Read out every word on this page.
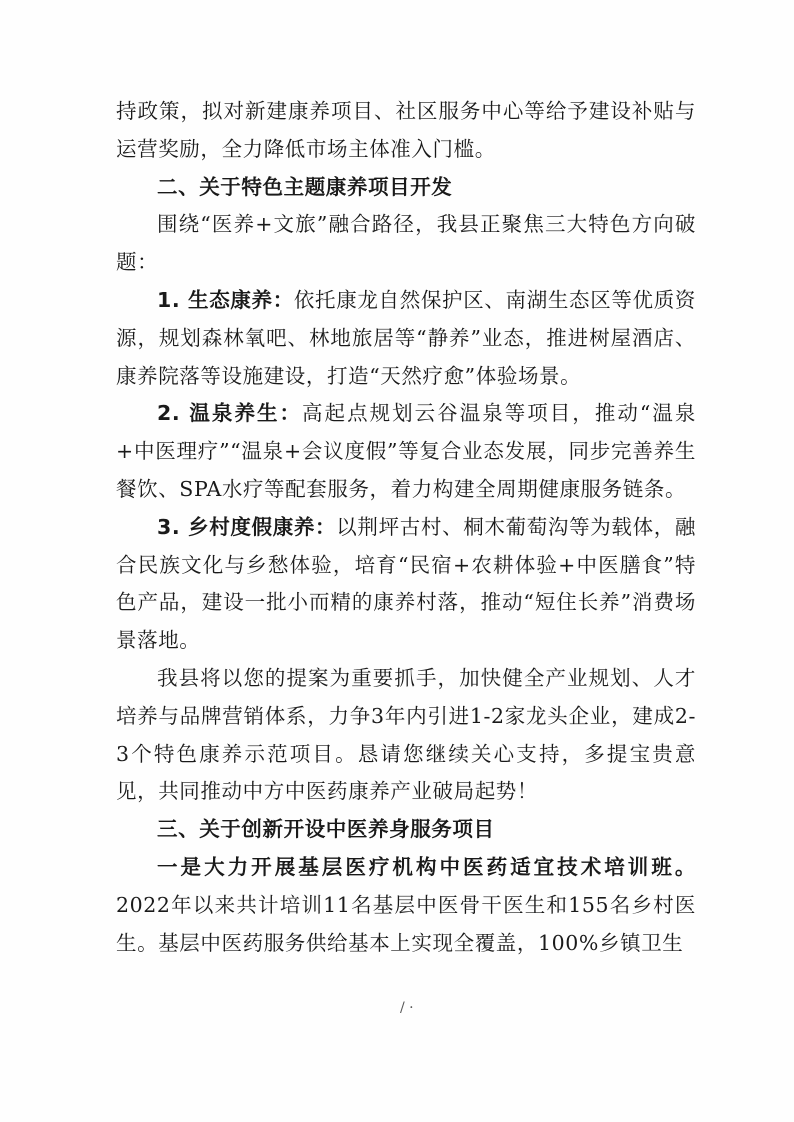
持政策，拟对新建康养项目、社区服务中心等给予建设补贴与运营奖励，全力降低市场主体准入门槛。

二、关于特色主题康养项目开发

围绕“医养+文旅”融合路径，我县正聚焦三大特色方向破题：

1. 生态康养：依托康龙自然保护区、南湖生态区等优质资源，规划森林氧吧、林地旅居等“静养”业态，推进树屋酒店、康养院落等设施建设，打造“天然疗愈”体验场景。

2. 温泉养生：高起点规划云谷温泉等项目，推动“温泉+中医理疗”“温泉+会议度假”等复合业态发展，同步完善养生餐饮、SPA水疗等配套服务，着力构建全周期健康服务链条。

3. 乡村度假康养：以荆坪古村、桐木葡萄沟等为载体，融合民族文化与乡愁体验，培育“民宿+农耕体验+中医膳食”特色产品，建设一批小而精的康养村落，推动“短住长养”消费场景落地。

我县将以您的提案为重要抓手，加快健全产业规划、人才培养与品牌营销体系，力争3年内引进1-2家龙头企业，建成2-3个特色康养示范项目。恳请您继续关心支持，多提宝贵意见，共同推动中方中医药康养产业破局起势！

三、关于创新开设中医养身服务项目

一是大力开展基层医疗机构中医药适宜技术培训班。2022年以来共计培训11名基层中医骨干医生和155名乡村医生。基层中医药服务供给基本上实现全覆盖，100%乡镇卫生

/ ·
